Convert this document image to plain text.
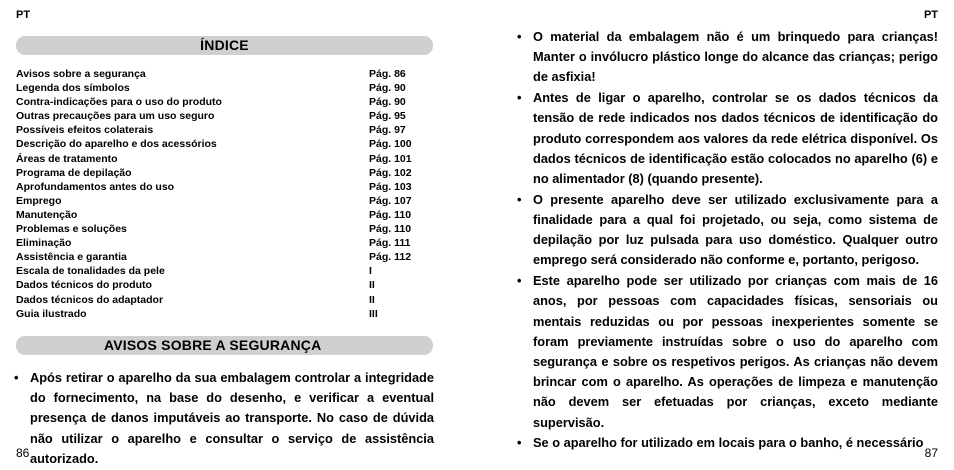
PT
ÍNDICE
Avisos sobre a segurança	Pág. 86
Legenda dos símbolos	Pág. 90
Contra-indicações para o uso do produto	Pág. 90
Outras precauções para um uso seguro	Pág. 95
Possíveis efeitos colaterais	Pág. 97
Descrição do aparelho e dos acessórios	Pág. 100
Áreas de tratamento	Pág. 101
Programa de depilação	Pág. 102
Aprofundamentos antes do uso	Pág. 103
Emprego	Pág. 107
Manutenção	Pág. 110
Problemas e soluções	Pág. 110
Eliminação	Pág. 111
Assistência e garantia	Pág. 112
Escala de tonalidades da pele	I
Dados técnicos do produto	II
Dados técnicos do adaptador	II
Guia ilustrado	III
AVISOS SOBRE A SEGURANÇA
• Após retirar o aparelho da sua embalagem controlar a integridade do fornecimento, na base do desenho, e verificar a eventual presença de danos imputáveis ao transporte. No caso de dúvida não utilizar o aparelho e consultar o serviço de assistência autorizado.
86
PT
• O material da embalagem não é um brinquedo para crianças! Manter o invólucro plástico longe do alcance das crianças; perigo de asfixia!
• Antes de ligar o aparelho, controlar se os dados técnicos da tensão de rede indicados nos dados técnicos de identificação do produto correspondem aos valores da rede elétrica disponível. Os dados técnicos de identificação estão colocados no aparelho (6) e no alimentador (8) (quando presente).
• O presente aparelho deve ser utilizado exclusivamente para a finalidade para a qual foi projetado, ou seja, como sistema de depilação por luz pulsada para uso doméstico. Qualquer outro emprego será considerado não conforme e, portanto, perigoso.
• Este aparelho pode ser utilizado por crianças com mais de 16 anos, por pessoas com capacidades físicas, sensoriais ou mentais reduzidas ou por pessoas inexperientes somente se foram previamente instruídas sobre o uso do aparelho com segurança e sobre os respetivos perigos. As crianças não devem brincar com o aparelho. As operações de limpeza e manutenção não devem ser efetuadas por crianças, exceto mediante supervisão.
• Se o aparelho for utilizado em locais para o banho, é necessário
87
